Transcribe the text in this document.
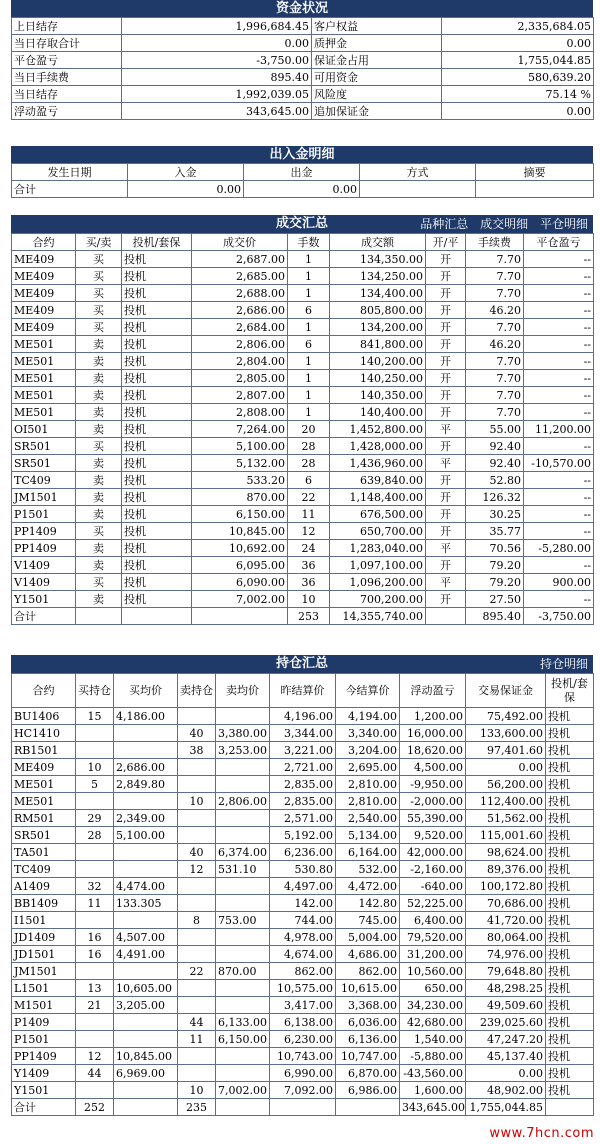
资金状况
上日结存	1,996,684.45	客户权益	2,335,684.05
当日存取合计	0.00	质押金	0.00
平仓盈亏	-3,750.00	保证金占用	1,755,044.85
当日手续费	895.40	可用资金	580,639.20
当日结存	1,992,039.05	风险度	75.14 %
浮动盈亏	343,645.00	追加保证金	0.00
出入金明细
发生日期	入金	出金	方式	摘要
合计	0.00	0.00		
成交汇总	品种汇总 成交明细 平仓明细
合约	买/卖	投机/套保	成交价	手数	成交额	开/平	手续费	平仓盈亏
ME409	买	投机	2,687.00	1	134,350.00	开	7.70	--
ME409	买	投机	2,685.00	1	134,250.00	开	7.70	--
ME409	买	投机	2,688.00	1	134,400.00	开	7.70	--
ME409	买	投机	2,686.00	6	805,800.00	开	46.20	--
ME409	买	投机	2,684.00	1	134,200.00	开	7.70	--
ME501	卖	投机	2,806.00	6	841,800.00	开	46.20	--
ME501	卖	投机	2,804.00	1	140,200.00	开	7.70	--
ME501	卖	投机	2,805.00	1	140,250.00	开	7.70	--
ME501	卖	投机	2,807.00	1	140,350.00	开	7.70	--
ME501	卖	投机	2,808.00	1	140,400.00	开	7.70	--
OI501	卖	投机	7,264.00	20	1,452,800.00	平	55.00	11,200.00
SR501	买	投机	5,100.00	28	1,428,000.00	开	92.40	--
SR501	卖	投机	5,132.00	28	1,436,960.00	平	92.40	-10,570.00
TC409	卖	投机	533.20	6	639,840.00	开	52.80	--
JM1501	卖	投机	870.00	22	1,148,400.00	开	126.32	--
P1501	卖	投机	6,150.00	11	676,500.00	开	30.25	--
PP1409	买	投机	10,845.00	12	650,700.00	开	35.77	--
PP1409	卖	投机	10,692.00	24	1,283,040.00	平	70.56	-5,280.00
V1409	卖	投机	6,095.00	36	1,097,100.00	开	79.20	--
V1409	买	投机	6,090.00	36	1,096,200.00	平	79.20	900.00
Y1501	卖	投机	7,002.00	10	700,200.00	开	27.50	--
合计				253	14,355,740.00		895.40	-3,750.00
持仓汇总	持仓明细
合约	买持仓	买均价	卖持仓	卖均价	昨结算价	今结算价	浮动盈亏	交易保证金	投机/套保
BU1406	15	4,186.00			4,196.00	4,194.00	1,200.00	75,492.00	投机
HC1410			40	3,380.00	3,344.00	3,340.00	16,000.00	133,600.00	投机
RB1501			38	3,253.00	3,221.00	3,204.00	18,620.00	97,401.60	投机
ME409	10	2,686.00			2,721.00	2,695.00	4,500.00	0.00	投机
ME501	5	2,849.80			2,835.00	2,810.00	-9,950.00	56,200.00	投机
ME501			10	2,806.00	2,835.00	2,810.00	-2,000.00	112,400.00	投机
RM501	29	2,349.00			2,571.00	2,540.00	55,390.00	51,562.00	投机
SR501	28	5,100.00			5,192.00	5,134.00	9,520.00	115,001.60	投机
TA501			40	6,374.00	6,236.00	6,164.00	42,000.00	98,624.00	投机
TC409			12	531.10	530.80	532.00	-2,160.00	89,376.00	投机
A1409	32	4,474.00			4,497.00	4,472.00	-640.00	100,172.80	投机
BB1409	11	133.305			142.00	142.80	52,225.00	70,686.00	投机
I1501			8	753.00	744.00	745.00	6,400.00	41,720.00	投机
JD1409	16	4,507.00			4,978.00	5,004.00	79,520.00	80,064.00	投机
JD1501	16	4,491.00			4,674.00	4,686.00	31,200.00	74,976.00	投机
JM1501			22	870.00	862.00	862.00	10,560.00	79,648.80	投机
L1501	13	10,605.00			10,575.00	10,615.00	650.00	48,298.25	投机
M1501	21	3,205.00			3,417.00	3,368.00	34,230.00	49,509.60	投机
P1409			44	6,133.00	6,138.00	6,036.00	42,680.00	239,025.60	投机
P1501			11	6,150.00	6,230.00	6,136.00	1,540.00	47,247.20	投机
PP1409	12	10,845.00			10,743.00	10,747.00	-5,880.00	45,137.40	投机
Y1409	44	6,969.00			6,990.00	6,870.00	-43,560.00	0.00	投机
Y1501			10	7,002.00	7,092.00	6,986.00	1,600.00	48,902.00	投机
合计	252		235				343,645.00	1,755,044.85	
www.7hcn.com
